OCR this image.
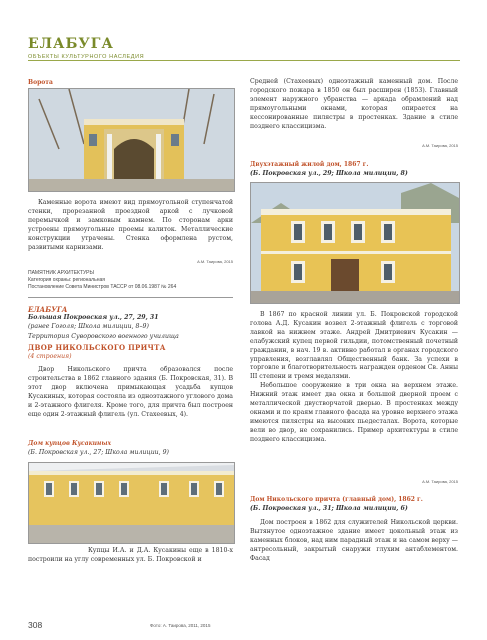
ЕЛАБУГА
ОБЪЕКТЫ КУЛЬТУРНОГО НАСЛЕДИЯ
Ворота

Каменные ворота имеют вид прямоугольной ступенчатой стенки, прорезанной проездной аркой с лучковой перемычкой и замковым камнем. По сторонам арки устроены прямоугольные проемы калиток. Металлические конструкции утрачены. Стенка оформлена рустом, развитыми карнизами.

А.М. Таирова, 2015
ПАМЯТНИК АРХИТЕКТУРЫ
Категория охраны: региональная
Постановление Совета Министров ТАССР от 08.06.1987 № 264
ЕЛАБУГА
Большая Покровская ул., 27, 29, 31
(ранее Гоголя; Школа милиции, 8–9)
Территория Суворовского военного училища
ДВОР НИКОЛЬСКОГО ПРИЧТА
(4 строения)

Двор Никольского причта образовался после строительства в 1862 главного здания (Б. Покровская, 31). В этот двор включена примыкающая усадьба купцов Кусакиных, которая состояла из одноэтажного углового дома и 2-этажного флигеля. Кроме того, для причта был построен еще один 2-этажный флигель (ул. Стахеевых, 4).

Дом купцов Кусакиных
(Б. Покровская ул., 27; Школа милиции, 9)

Купцы И.А. и Д.А. Кусакины еще в 1810-х построили на углу современных ул. Б. Покровской и

Средней (Стахеевых) одноэтажный каменный дом. После городского пожара в 1850 он был расширен (1853). Главный элемент наружного убранства — аркада обрамлений над прямоугольными окнами, которая опирается на кессонированные пилястры в простенках. Здание в стиле позднего классицизма.

А.М. Таирова, 2015
Двухэтажный жилой дом, 1867 г.
(Б. Покровская ул., 29; Школа милиции, 8)

В 1867 по красной линии ул. Б. Покровской городской голова А.Д. Кусакин возвел 2-этажный флигель с торговой лавкой на нижнем этаже. Андрей Дмитриевич Кусакин — елабужский купец первой гильдии, потомственный почетный гражданин, в нач. 19 в. активно работал в органах городского управления, возглавлял Общественный банк. За успехи в торговле и благотворительность награжден орденом Св. Анны III степени и тремя медалями.

Небольшое сооружение в три окна на верхнем этаже. Нижний этаж имеет два окна и большой дверной проем с металлической двустворчатой дверью. В простенках между окнами и по краям главного фасада на уровне верхнего этажа имеются пилястры на высоких пьедесталах. Ворота, которые вели во двор, не сохранились. Пример архитектуры в стиле позднего классицизма.

А.М. Таирова, 2015
Дом Никольского причта (главный дом), 1862 г.
(Б. Покровская ул., 31; Школа милиции, 6)

Дом построен в 1862 для служителей Никольской церкви. Вытянутое одноэтажное здание имеет цокольный этаж из каменных блоков, над ним парадный этаж и на самом верху — антресольный, закрытый снаружи глухим антаблементом. Фасад

308	Фото: А. Таирова, 2011, 2015
